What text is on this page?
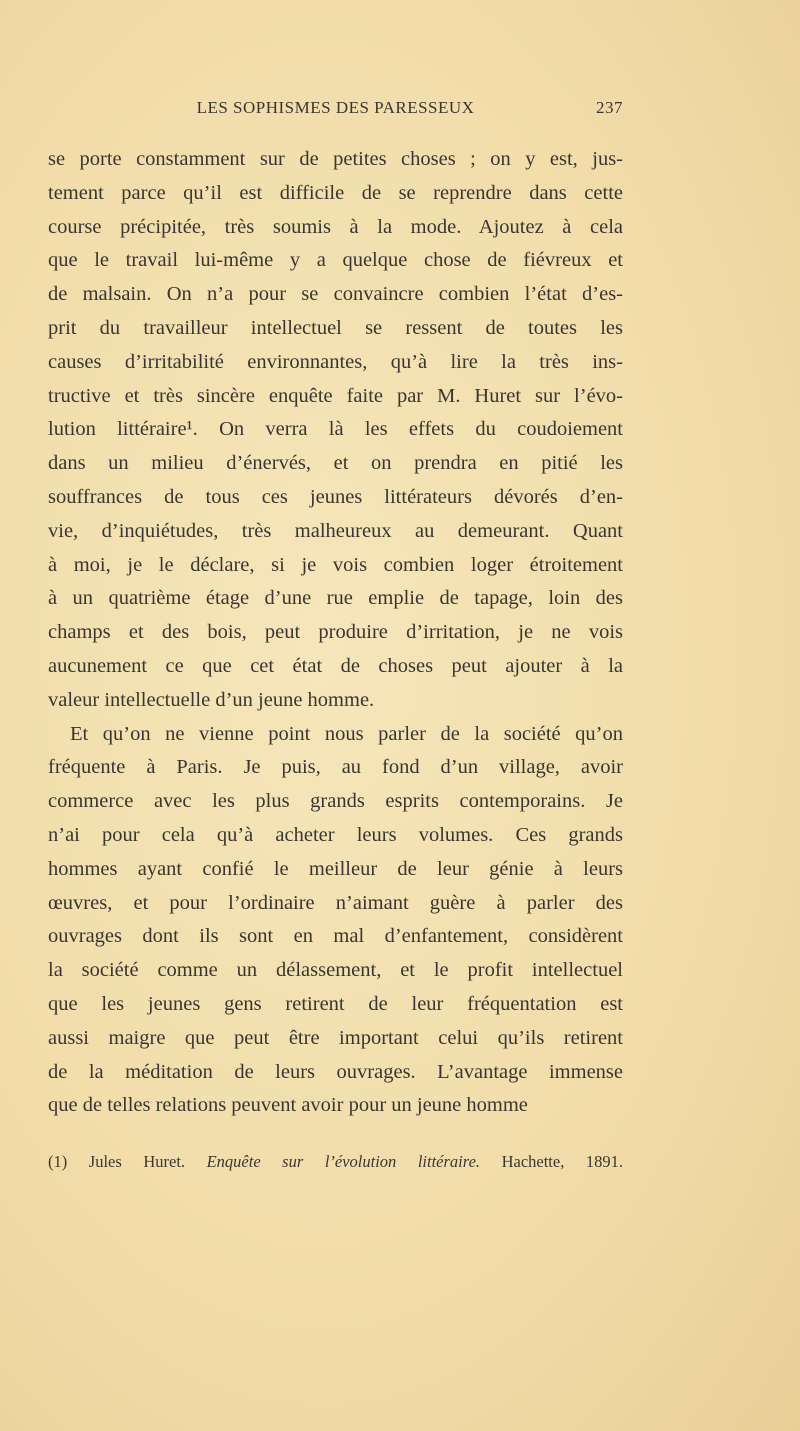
LES SOPHISMES DES PARESSEUX	237
se porte constamment sur de petites choses ; on y est, jus-
tement parce qu’il est difficile de se reprendre dans cette
course précipitée, très soumis à la mode. Ajoutez à cela
que le travail lui-même y a quelque chose de fiévreux et
de malsain. On n’a pour se convaincre combien l’état d’es-
prit du travailleur intellectuel se ressent de toutes les
causes d’irritabilité environnantes, qu’à lire la très ins-
tructive et très sincère enquête faite par M. Huret sur l’évo-
lution littéraire¹. On verra là les effets du coudoiement
dans un milieu d’énervés, et on prendra en pitié les
souffrances de tous ces jeunes littérateurs dévorés d’en-
vie, d’inquiétudes, très malheureux au demeurant. Quant
à moi, je le déclare, si je vois combien loger étroitement
à un quatrième étage d’une rue emplie de tapage, loin des
champs et des bois, peut produire d’irritation, je ne vois
aucunement ce que cet état de choses peut ajouter à la
valeur intellectuelle d’un jeune homme.
Et qu’on ne vienne point nous parler de la société qu’on
fréquente à Paris. Je puis, au fond d’un village, avoir
commerce avec les plus grands esprits contemporains. Je
n’ai pour cela qu’à acheter leurs volumes. Ces grands
hommes ayant confié le meilleur de leur génie à leurs
œuvres, et pour l’ordinaire n’aimant guère à parler des
ouvrages dont ils sont en mal d’enfantement, considèrent
la société comme un délassement, et le profit intellectuel
que les jeunes gens retirent de leur fréquentation est
aussi maigre que peut être important celui qu’ils retirent
de la méditation de leurs ouvrages. L’avantage immense
que de telles relations peuvent avoir pour un jeune homme
(1) Jules Huret. Enquête sur l’évolution littéraire. Hachette, 1891.
